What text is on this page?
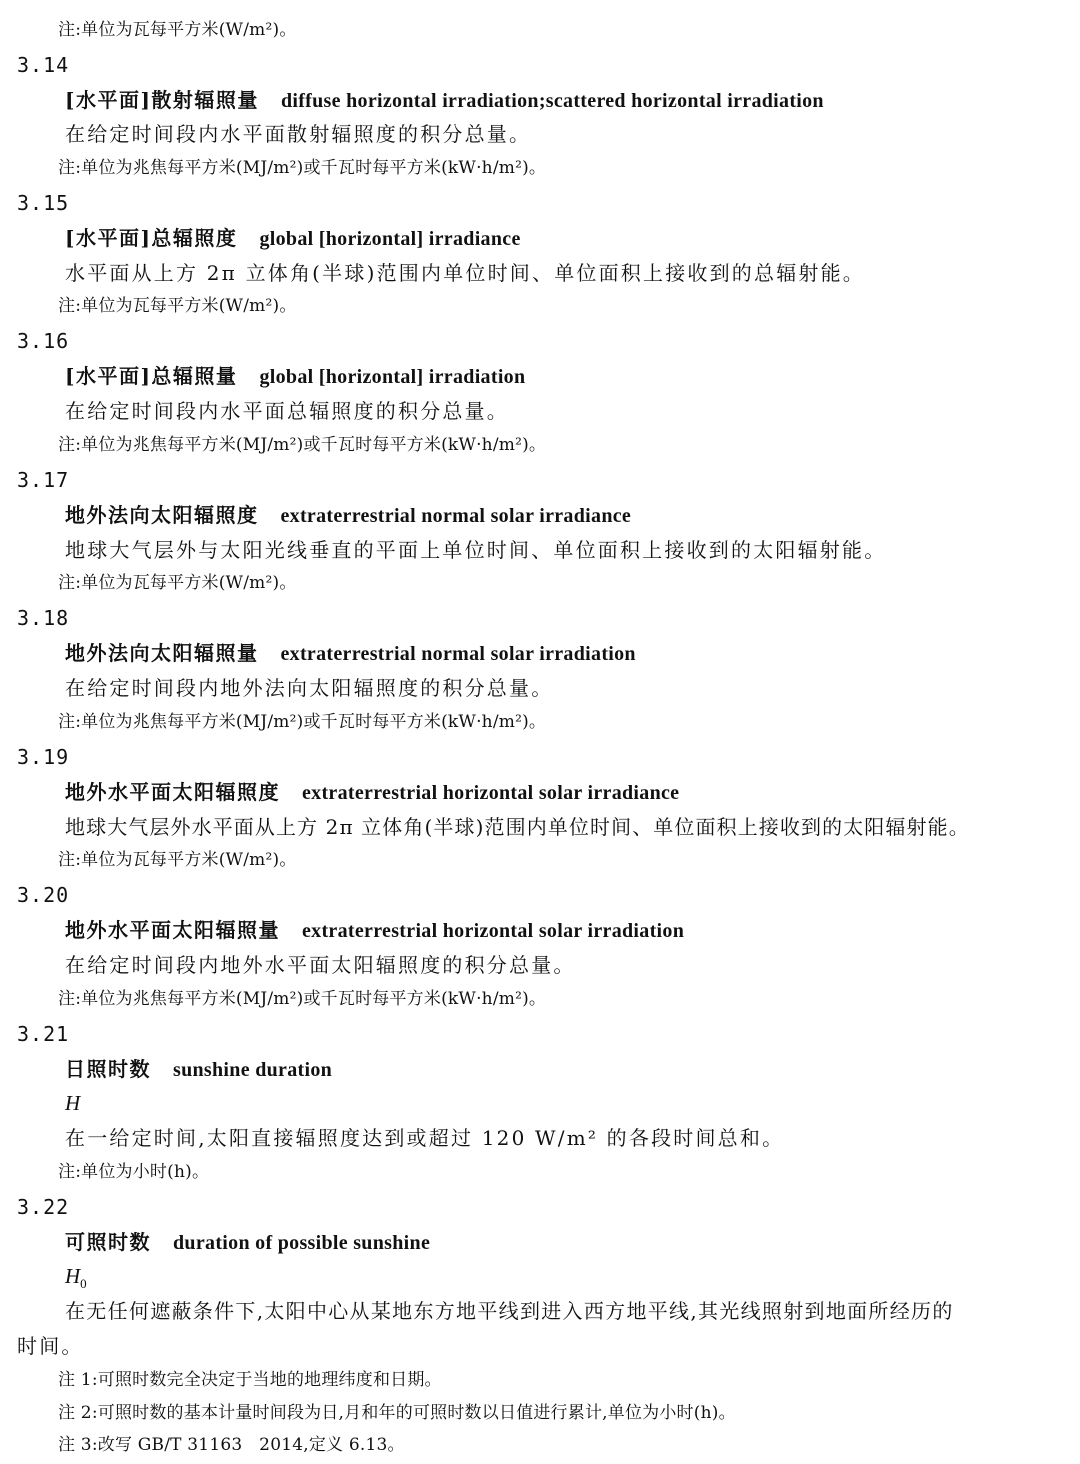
注:单位为瓦每平方米(W/m²)。
3.14
[水平面]散射辐照量 diffuse horizontal irradiation;scattered horizontal irradiation
在给定时间段内水平面散射辐照度的积分总量。
注:单位为兆焦每平方米(MJ/m²)或千瓦时每平方米(kW·h/m²)。
3.15
[水平面]总辐照度 global [horizontal] irradiance
水平面从上方 2π 立体角(半球)范围内单位时间、单位面积上接收到的总辐射能。
注:单位为瓦每平方米(W/m²)。
3.16
[水平面]总辐照量 global [horizontal] irradiation
在给定时间段内水平面总辐照度的积分总量。
注:单位为兆焦每平方米(MJ/m²)或千瓦时每平方米(kW·h/m²)。
3.17
地外法向太阳辐照度 extraterrestrial normal solar irradiance
地球大气层外与太阳光线垂直的平面上单位时间、单位面积上接收到的太阳辐射能。
注:单位为瓦每平方米(W/m²)。
3.18
地外法向太阳辐照量 extraterrestrial normal solar irradiation
在给定时间段内地外法向太阳辐照度的积分总量。
注:单位为兆焦每平方米(MJ/m²)或千瓦时每平方米(kW·h/m²)。
3.19
地外水平面太阳辐照度 extraterrestrial horizontal solar irradiance
地球大气层外水平面从上方 2π 立体角(半球)范围内单位时间、单位面积上接收到的太阳辐射能。
注:单位为瓦每平方米(W/m²)。
3.20
地外水平面太阳辐照量 extraterrestrial horizontal solar irradiation
在给定时间段内地外水平面太阳辐照度的积分总量。
注:单位为兆焦每平方米(MJ/m²)或千瓦时每平方米(kW·h/m²)。
3.21
日照时数 sunshine duration
H
在一给定时间,太阳直接辐照度达到或超过 120 W/m² 的各段时间总和。
注:单位为小时(h)。
3.22
可照时数 duration of possible sunshine
$H_0$
在无任何遮蔽条件下,太阳中心从某地东方地平线到进入西方地平线,其光线照射到地面所经历的
时间。
注 1:可照时数完全决定于当地的地理纬度和日期。
注 2:可照时数的基本计量时间段为日,月和年的可照时数以日值进行累计,单位为小时(h)。
注 3:改写 GB/T 31163   2014,定义 6.13。
